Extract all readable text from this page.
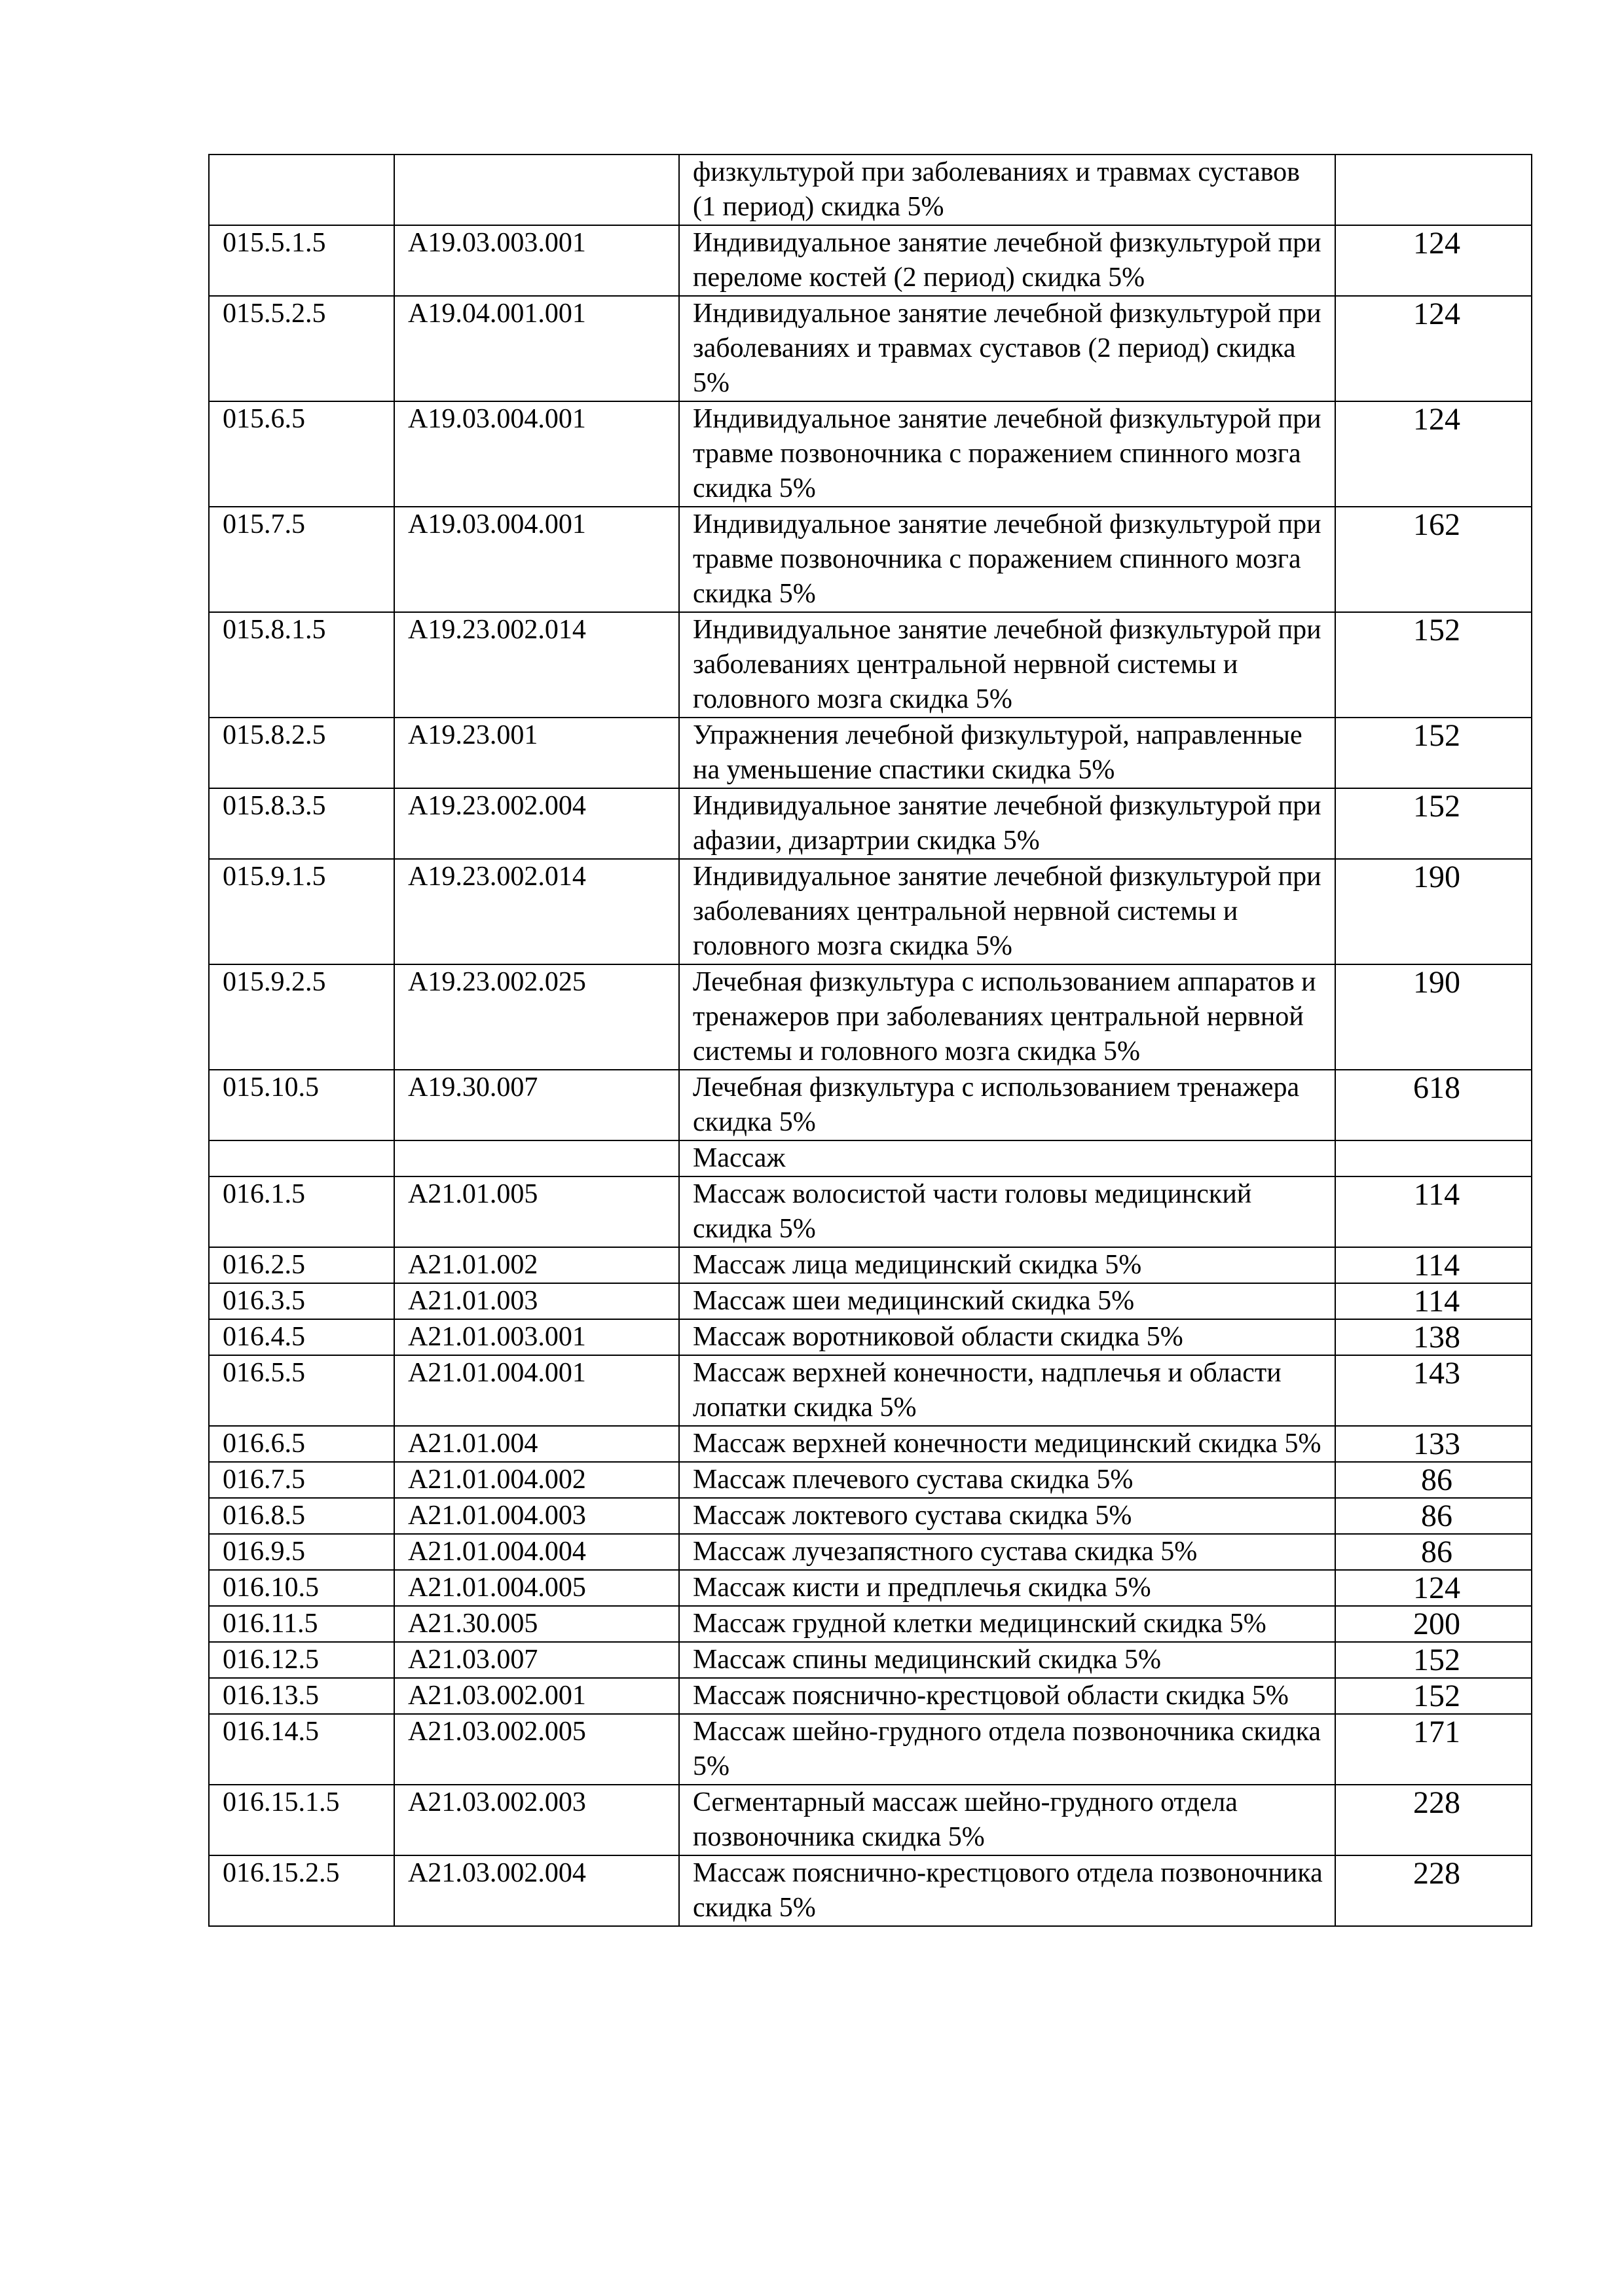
		физкультурой при заболеваниях и травмах суставов (1 период) скидка 5%	
015.5.1.5	А19.03.003.001	Индивидуальное занятие лечебной физкультурой при переломе костей (2 период) скидка 5%	124
015.5.2.5	А19.04.001.001	Индивидуальное занятие лечебной физкультурой при заболеваниях и травмах суставов (2 период) скидка 5%	124
015.6.5	А19.03.004.001	Индивидуальное занятие лечебной физкультурой при травме позвоночника с поражением спинного мозга скидка 5%	124
015.7.5	А19.03.004.001	Индивидуальное занятие лечебной физкультурой при травме позвоночника с поражением спинного мозга скидка 5%	162
015.8.1.5	А19.23.002.014	Индивидуальное занятие лечебной физкультурой при заболеваниях центральной нервной системы и головного мозга скидка 5%	152
015.8.2.5	А19.23.001	Упражнения лечебной физкультурой, направленные на уменьшение спастики скидка 5%	152
015.8.3.5	А19.23.002.004	Индивидуальное занятие лечебной физкультурой при афазии, дизартрии скидка 5%	152
015.9.1.5	А19.23.002.014	Индивидуальное занятие лечебной физкультурой при заболеваниях центральной нервной системы и головного мозга скидка 5%	190
015.9.2.5	А19.23.002.025	Лечебная физкультура с использованием аппаратов и тренажеров при заболеваниях центральной нервной системы и головного мозга скидка 5%	190
015.10.5	А19.30.007	Лечебная физкультура с использованием тренажера скидка 5%	618
		Массаж	
016.1.5	А21.01.005	Массаж волосистой части головы медицинский скидка 5%	114
016.2.5	А21.01.002	Массаж лица медицинский скидка 5%	114
016.3.5	А21.01.003	Массаж шеи медицинский скидка 5%	114
016.4.5	А21.01.003.001	Массаж воротниковой области скидка 5%	138
016.5.5	А21.01.004.001	Массаж верхней конечности, надплечья и области лопатки скидка 5%	143
016.6.5	А21.01.004	Массаж верхней конечности медицинский скидка 5%	133
016.7.5	А21.01.004.002	Массаж плечевого сустава скидка 5%	86
016.8.5	А21.01.004.003	Массаж локтевого сустава скидка 5%	86
016.9.5	А21.01.004.004	Массаж лучезапястного сустава скидка 5%	86
016.10.5	А21.01.004.005	Массаж кисти и предплечья скидка 5%	124
016.11.5	А21.30.005	Массаж грудной клетки медицинский скидка 5%	200
016.12.5	А21.03.007	Массаж спины медицинский скидка 5%	152
016.13.5	А21.03.002.001	Массаж пояснично-крестцовой области скидка 5%	152
016.14.5	А21.03.002.005	Массаж шейно-грудного отдела позвоночника скидка 5%	171
016.15.1.5	А21.03.002.003	Сегментарный массаж шейно-грудного отдела позвоночника скидка 5%	228
016.15.2.5	А21.03.002.004	Массаж пояснично-крестцового отдела позвоночника скидка 5%	228
